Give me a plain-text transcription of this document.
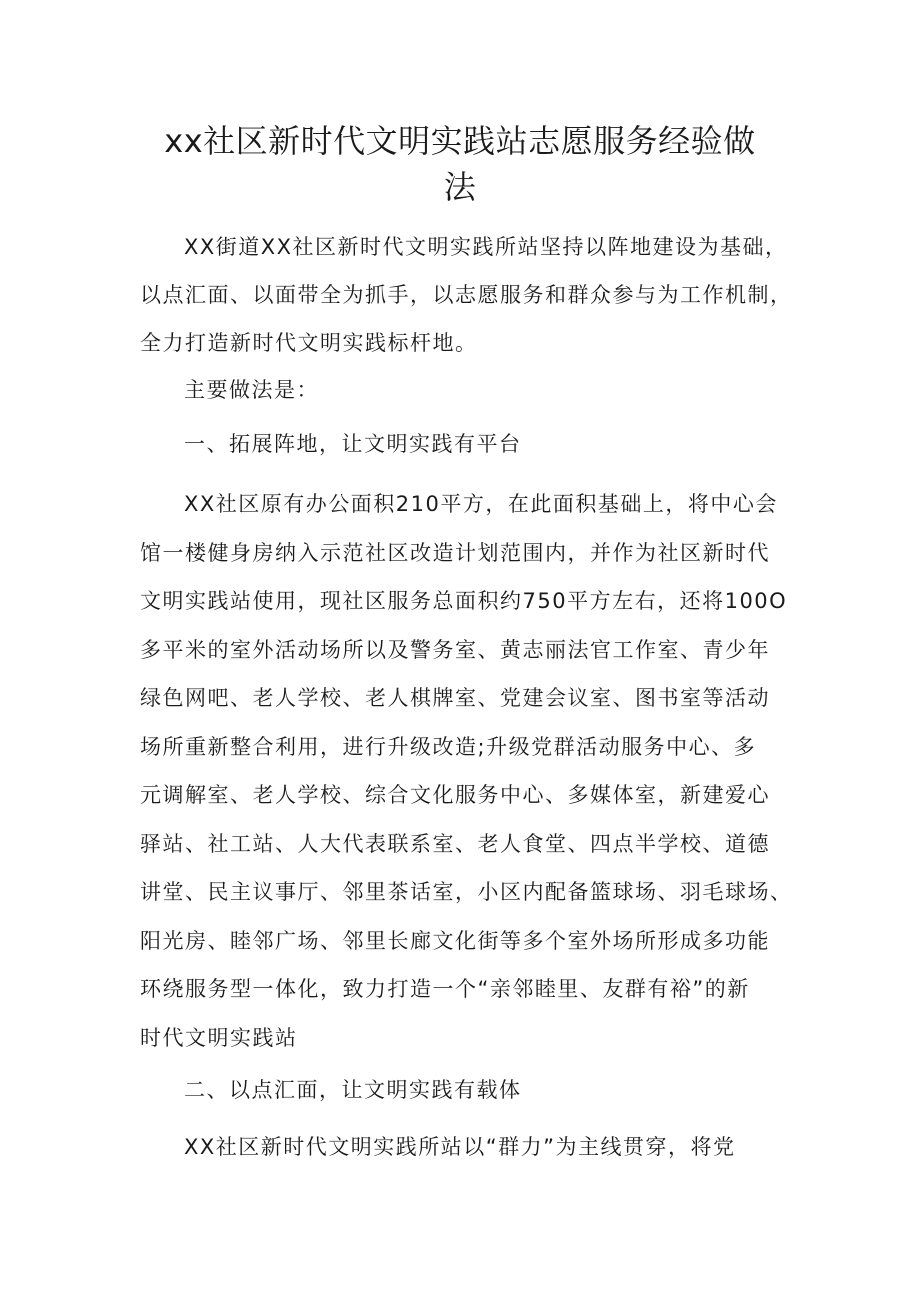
xx社区新时代文明实践站志愿服务经验做
法
XX街道XX社区新时代文明实践所站坚持以阵地建设为基础，
以点汇面、以面带全为抓手，以志愿服务和群众参与为工作机制，
全力打造新时代文明实践标杆地。
主要做法是：
一、拓展阵地，让文明实践有平台
XX社区原有办公面积210平方，在此面积基础上，将中心会
馆一楼健身房纳入示范社区改造计划范围内，并作为社区新时代
文明实践站使用，现社区服务总面积约750平方左右，还将100O
多平米的室外活动场所以及警务室、黄志丽法官工作室、青少年
绿色网吧、老人学校、老人棋牌室、党建会议室、图书室等活动
场所重新整合利用，进行升级改造;升级党群活动服务中心、多
元调解室、老人学校、综合文化服务中心、多媒体室，新建爱心
驿站、社工站、人大代表联系室、老人食堂、四点半学校、道德
讲堂、民主议事厅、邻里茶话室，小区内配备篮球场、羽毛球场、
阳光房、睦邻广场、邻里长廊文化街等多个室外场所形成多功能
环绕服务型一体化，致力打造一个“亲邻睦里、友群有裕”的新
时代文明实践站
二、以点汇面，让文明实践有载体
XX社区新时代文明实践所站以“群力”为主线贯穿，将党
